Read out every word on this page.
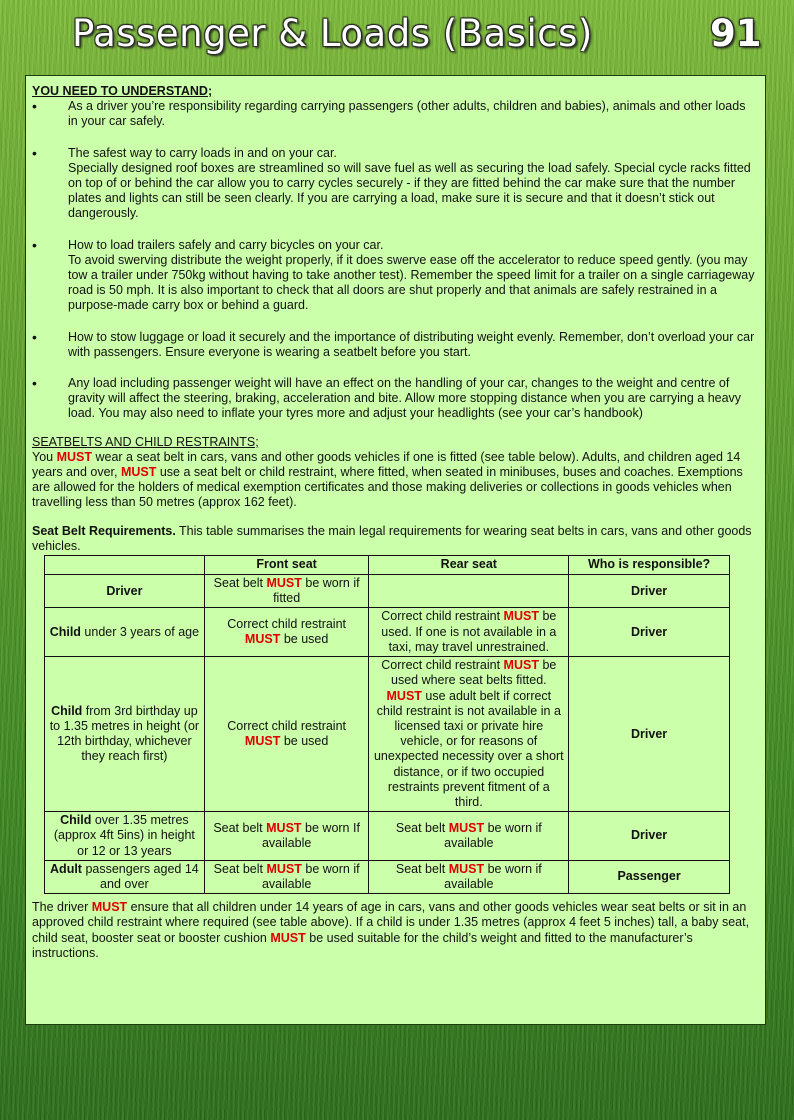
Passenger & Loads (Basics)	91

YOU NEED TO UNDERSTAND;

• As a driver you’re responsibility regarding carrying passengers (other adults, children and babies), animals and other loads in your car safely.
• The safest way to carry loads in and on your car.
Specially designed roof boxes are streamlined so will save fuel as well as securing the load safely. Special cycle racks fitted on top of or behind the car allow you to carry cycles securely - if they are fitted behind the car make sure that the number plates and lights can still be seen clearly. If you are carrying a load, make sure it is secure and that it doesn’t stick out dangerously.
• How to load trailers safely and carry bicycles on your car.
To avoid swerving distribute the weight properly, if it does swerve ease off the accelerator to reduce speed gently. (you may tow a trailer under 750kg without having to take another test). Remember the speed limit for a trailer on a single carriageway road is 50 mph. It is also important to check that all doors are shut properly and that animals are safely restrained in a purpose-made carry box or behind a guard.
• How to stow luggage or load it securely and the importance of distributing weight evenly. Remember, don’t overload your car with passengers. Ensure everyone is wearing a seatbelt before you start.
• Any load including passenger weight will have an effect on the handling of your car, changes to the weight and centre of gravity will affect the steering, braking, acceleration and bite. Allow more stopping distance when you are carrying a heavy load. You may also need to inflate your tyres more and adjust your headlights (see your car’s handbook)

SEATBELTS AND CHILD RESTRAINTS;

You MUST wear a seat belt in cars, vans and other goods vehicles if one is fitted (see table below). Adults, and children aged 14 years and over, MUST use a seat belt or child restraint, where fitted, when seated in minibuses, buses and coaches. Exemptions are allowed for the holders of medical exemption certificates and those making deliveries or collections in goods vehicles when travelling less than 50 metres (approx 162 feet).

Seat Belt Requirements. This table summarises the main legal requirements for wearing seat belts in cars, vans and other goods vehicles.

	Front seat	Rear seat	Who is responsible?
Driver	Seat belt MUST be worn if fitted		Driver
Child under 3 years of age	Correct child restraint MUST be used	Correct child restraint MUST be used. If one is not available in a taxi, may travel unrestrained.	Driver
Child from 3rd birthday up to 1.35 metres in height (or 12th birthday, whichever they reach first)	Correct child restraint MUST be used	Correct child restraint MUST be used where seat belts fitted. MUST use adult belt if correct child restraint is not available in a licensed taxi or private hire vehicle, or for reasons of unexpected necessity over a short distance, or if two occupied restraints prevent fitment of a third.	Driver
Child over 1.35 metres (approx 4ft 5ins) in height or 12 or 13 years	Seat belt MUST be worn If available	Seat belt MUST be worn if available	Driver
Adult passengers aged 14 and over	Seat belt MUST be worn if available	Seat belt MUST be worn if available	Passenger

The driver MUST ensure that all children under 14 years of age in cars, vans and other goods vehicles wear seat belts or sit in an approved child restraint where required (see table above). If a child is under 1.35 metres (approx 4 feet 5 inches) tall, a baby seat, child seat, booster seat or booster cushion MUST be used suitable for the child’s weight and fitted to the manufacturer’s instructions.
